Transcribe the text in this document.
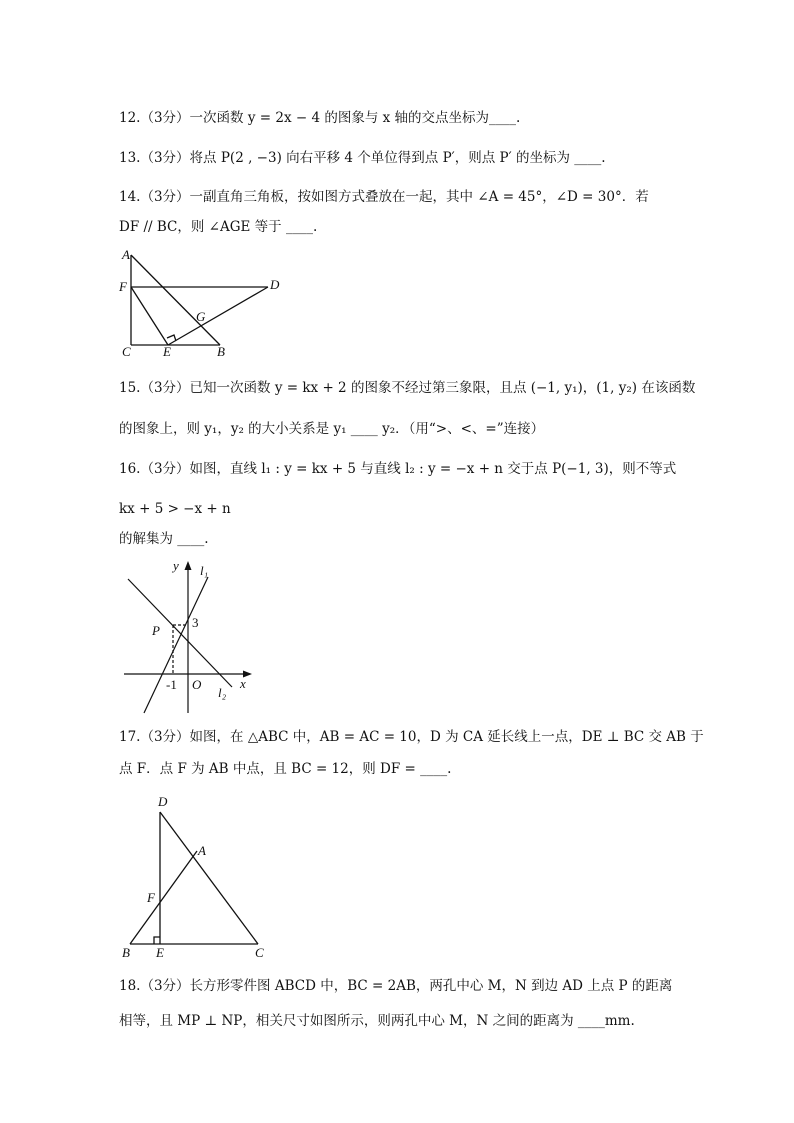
12.（3分）一次函数 y = 2x − 4 的图象与 x 轴的交点坐标为____.
13.（3分）将点 P(2 , −3) 向右平移 4 个单位得到点 P′，则点 P′ 的坐标为 ____.
14.（3分）一副直角三角板，按如图方式叠放在一起，其中 ∠A = 45°，∠D = 30°．若
DF // BC，则 ∠AGE 等于 ____.
A
F	D
G
C E	B
15.（3分）已知一次函数 y = kx + 2 的图象不经过第三象限，且点 (−1, y₁)，(1, y₂) 在该函数
的图象上，则 y₁，y₂ 的大小关系是 y₁ ____ y₂．（用“>、<、=”连接）
16.（3分）如图，直线 l₁ : y = kx + 5 与直线 l₂ : y = −x + n 交于点 P(−1, 3)，则不等式
kx + 5 > −x + n
的解集为 ____.
y l₁
P
3
-1 O	x
l₂
17.（3分）如图，在 △ABC 中，AB = AC = 10，D 为 CA 延长线上一点，DE ⊥ BC 交 AB 于
点 F．点 F 为 AB 中点，且 BC = 12，则 DF = ____.
D
A
F
B E	C
18.（3分）长方形零件图 ABCD 中，BC = 2AB，两孔中心 M，N 到边 AD 上点 P 的距离
相等，且 MP ⊥ NP，相关尺寸如图所示，则两孔中心 M，N 之间的距离为 ____mm.
